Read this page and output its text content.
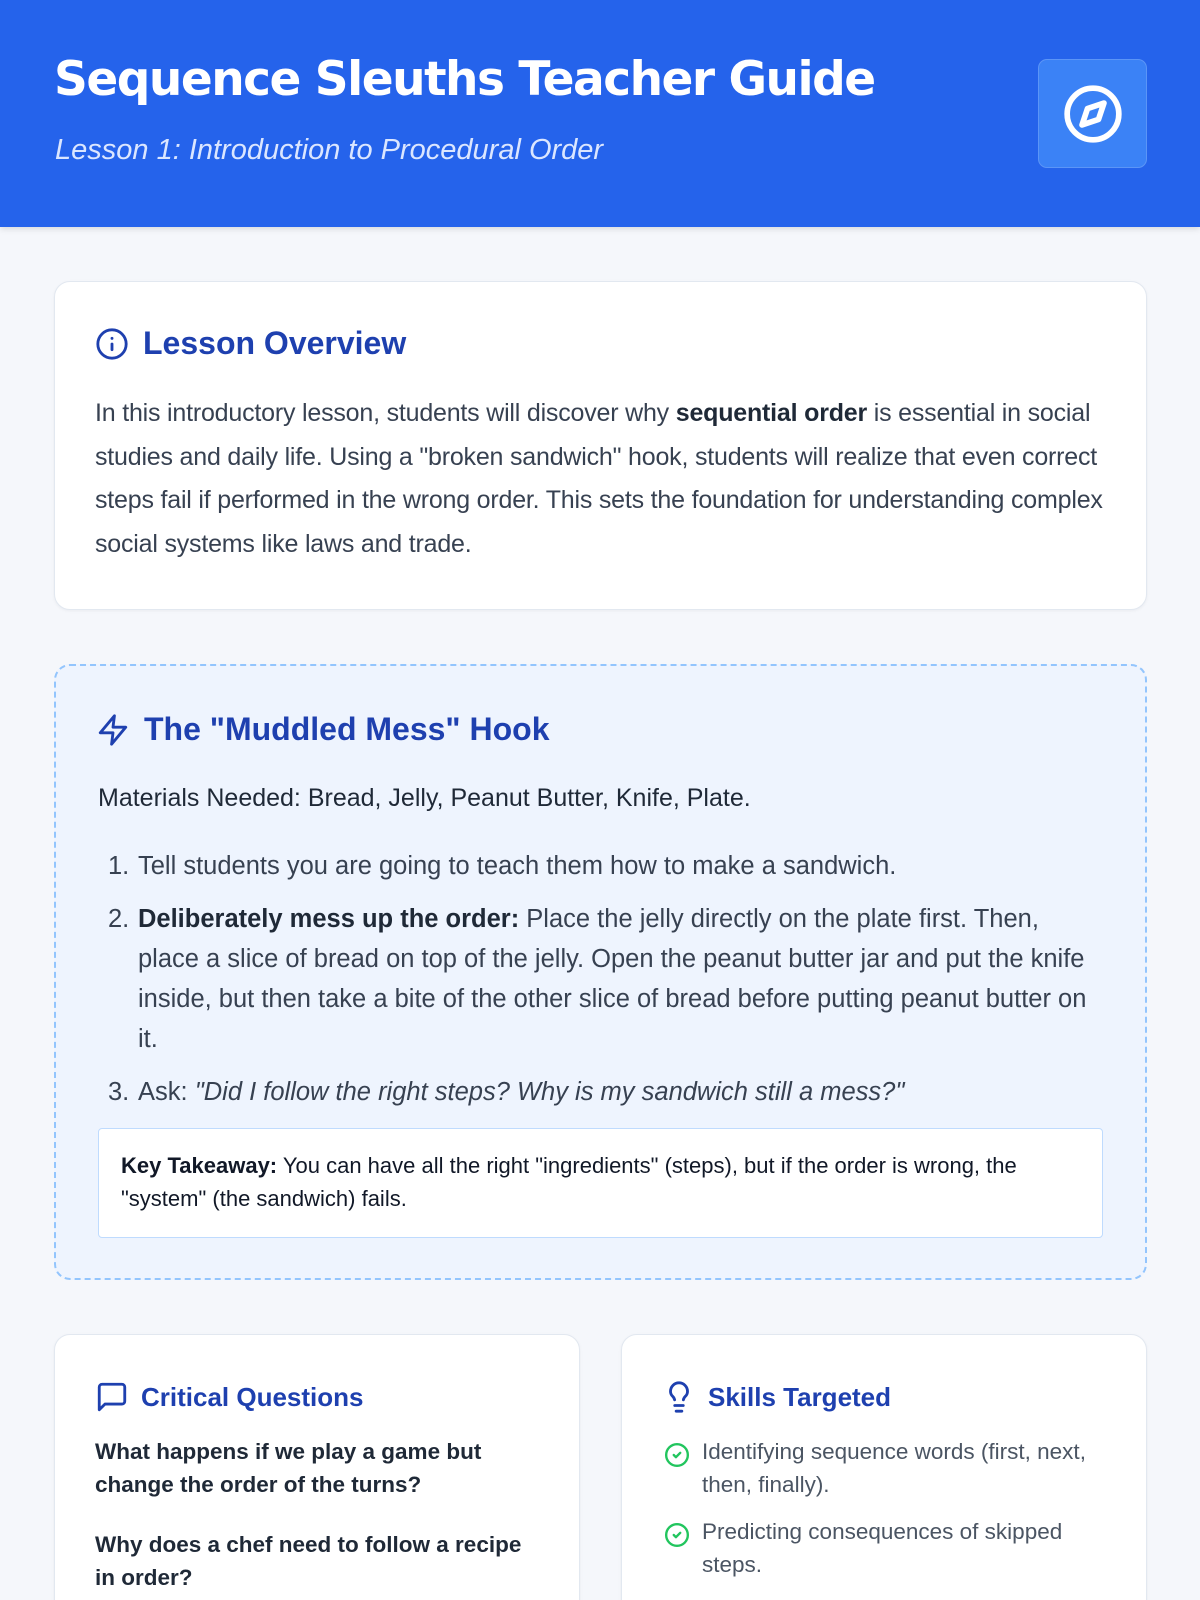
Sequence Sleuths Teacher Guide
Lesson 1: Introduction to Procedural Order
Lesson Overview

In this introductory lesson, students will discover why sequential order is essential in social studies and daily life. Using a "broken sandwich" hook, students will realize that even correct steps fail if performed in the wrong order. This sets the foundation for understanding complex social systems like laws and trade.

The "Muddled Mess" Hook
Materials Needed: Bread, Jelly, Peanut Butter, Knife, Plate.
1. Tell students you are going to teach them how to make a sandwich.
2. Deliberately mess up the order: Place the jelly directly on the plate first. Then, place a slice of bread on top of the jelly. Open the peanut butter jar and put the knife inside, but then take a bite of the other slice of bread before putting peanut butter on it.
3. Ask: "Did I follow the right steps? Why is my sandwich still a mess?"
Key Takeaway: You can have all the right "ingredients" (steps), but if the order is wrong, the "system" (the sandwich) fails.
Critical Questions

What happens if we play a game but change the order of the turns?

Why does a chef need to follow a recipe in order?

Skills Targeted
Identifying sequence words (first, next, then, finally).
Predicting consequences of skipped steps.
